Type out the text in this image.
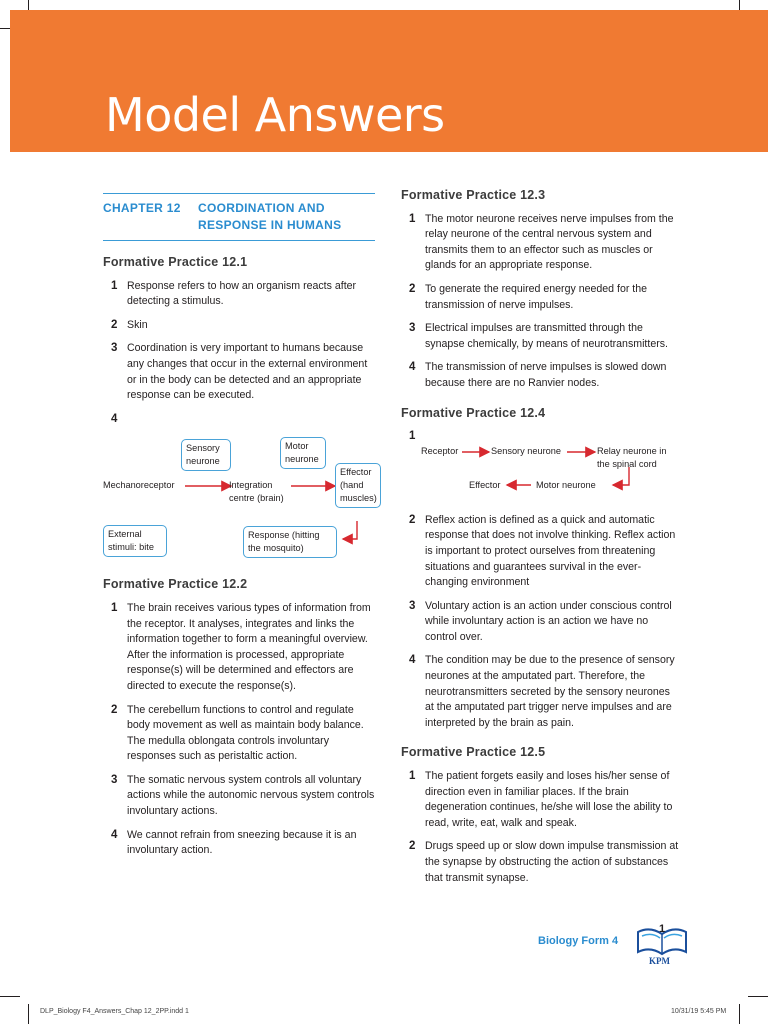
Model Answers
CHAPTER 12	COORDINATION AND RESPONSE IN HUMANS
Formative Practice 12.1
1 Response refers to how an organism reacts after detecting a stimulus.
2 Skin
3 Coordination is very important to humans because any changes that occur in the external environment or in the body can be detected and an appropriate response can be executed.
4
Sensory neurone
Motor neurone
Mechanoreceptor	Integration centre (brain)
Effector (hand muscles)
External stimuli: bite
Response (hitting the mosquito)
Formative Practice 12.2
1 The brain receives various types of information from the receptor. It analyses, integrates and links the information together to form a meaningful overview. After the information is processed, appropriate response(s) will be determined and effectors are directed to execute the response(s).
2 The cerebellum functions to control and regulate body movement as well as maintain body balance. The medulla oblongata controls involuntary responses such as peristaltic action.
3 The somatic nervous system controls all voluntary actions while the autonomic nervous system controls involuntary actions.
4 We cannot refrain from sneezing because it is an involuntary action.
Formative Practice 12.3
1 The motor neurone receives nerve impulses from the relay neurone of the central nervous system and transmits them to an effector such as muscles or glands for an appropriate response.
2 To generate the required energy needed for the transmission of nerve impulses.
3 Electrical impulses are transmitted through the synapse chemically, by means of neurotransmitters.
4 The transmission of nerve impulses is slowed down because there are no Ranvier nodes.
Formative Practice 12.4
1
Receptor	Sensory neurone	Relay neurone in the spinal cord
Effector	Motor neurone
2 Reflex action is defined as a quick and automatic response that does not involve thinking. Reflex action is important to protect ourselves from threatening situations and guarantees survival in the ever-changing environment
3 Voluntary action is an action under conscious control while involuntary action is an action we have no control over.
4 The condition may be due to the presence of sensory neurones at the amputated part. Therefore, the neurotransmitters secreted by the sensory neurones at the amputated part trigger nerve impulses and are interpreted by the brain as pain.
Formative Practice 12.5
1 The patient forgets easily and loses his/her sense of direction even in familiar places. If the brain degeneration continues, he/she will lose the ability to read, write, eat, walk and speak.
2 Drugs speed up or slow down impulse transmission at the synapse by obstructing the action of substances that transmit synapse.
Biology Form 4
1
KPM
DLP_Biology F4_Answers_Chap 12_2PP.indd 1	10/31/19 5:45 PM
